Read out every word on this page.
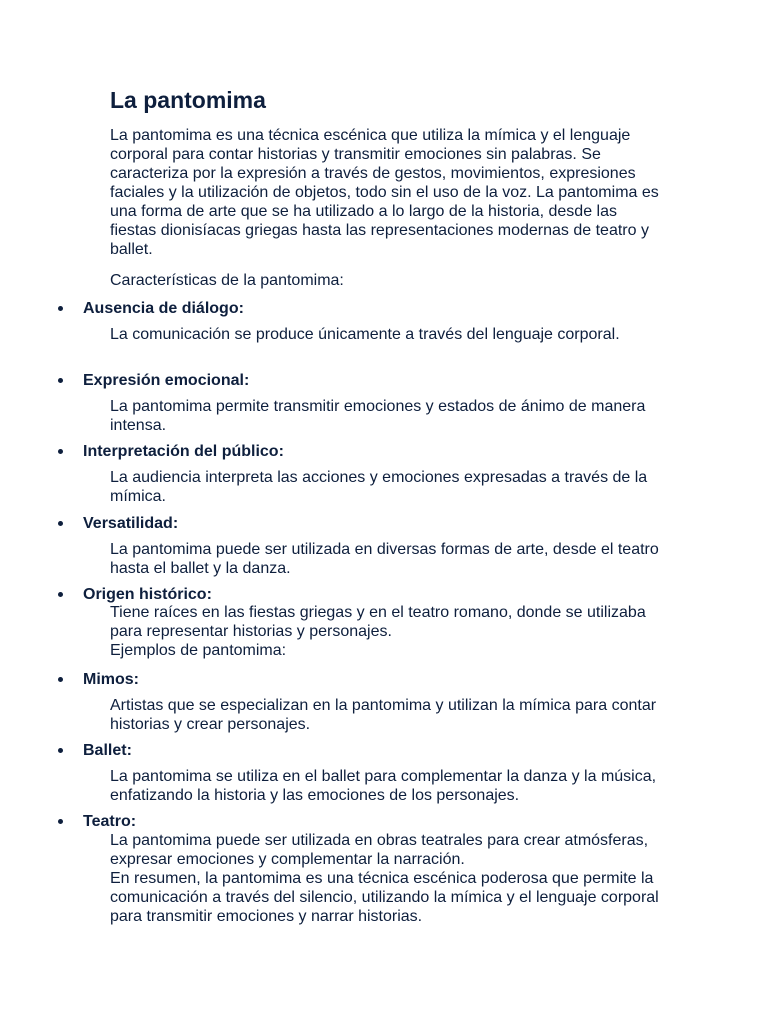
La pantomima

La pantomima es una técnica escénica que utiliza la mímica y el lenguaje corporal para contar historias y transmitir emociones sin palabras. Se caracteriza por la expresión a través de gestos, movimientos, expresiones faciales y la utilización de objetos, todo sin el uso de la voz. La pantomima es una forma de arte que se ha utilizado a lo largo de la historia, desde las fiestas dionisíacas griegas hasta las representaciones modernas de teatro y ballet.

Características de la pantomima:

Ausencia de diálogo:

La comunicación se produce únicamente a través del lenguaje corporal.

Expresión emocional:

La pantomima permite transmitir emociones y estados de ánimo de manera intensa.

Interpretación del público:

La audiencia interpreta las acciones y emociones expresadas a través de la mímica.

Versatilidad:

La pantomima puede ser utilizada en diversas formas de arte, desde el teatro hasta el ballet y la danza.

Origen histórico:

Tiene raíces en las fiestas griegas y en el teatro romano, donde se utilizaba para representar historias y personajes.

Ejemplos de pantomima:

Mimos:

Artistas que se especializan en la pantomima y utilizan la mímica para contar historias y crear personajes.

Ballet:

La pantomima se utiliza en el ballet para complementar la danza y la música, enfatizando la historia y las emociones de los personajes.

Teatro:

La pantomima puede ser utilizada en obras teatrales para crear atmósferas, expresar emociones y complementar la narración.

En resumen, la pantomima es una técnica escénica poderosa que permite la comunicación a través del silencio, utilizando la mímica y el lenguaje corporal para transmitir emociones y narrar historias.
